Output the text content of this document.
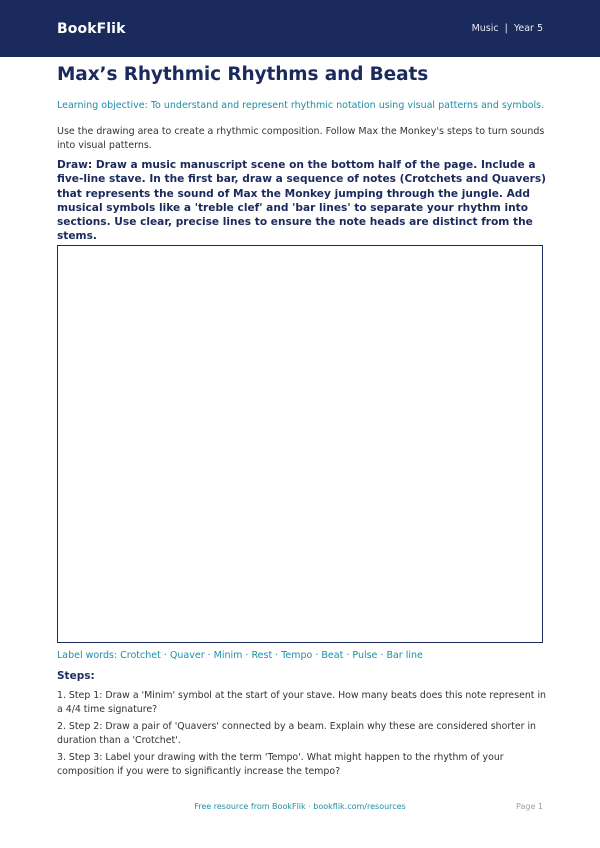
BookFlik	Music | Year 5
Max’s Rhythmic Rhythms and Beats

Learning objective: To understand and represent rhythmic notation using visual patterns and symbols.

Use the drawing area to create a rhythmic composition. Follow Max the Monkey's steps to turn sounds into visual patterns.

Draw: Draw a music manuscript scene on the bottom half of the page. Include a five-line stave. In the first bar, draw a sequence of notes (Crotchets and Quavers) that represents the sound of Max the Monkey jumping through the jungle. Add musical symbols like a 'treble clef' and 'bar lines' to separate your rhythm into sections. Use clear, precise lines to ensure the note heads are distinct from the stems.

Label words: Crotchet · Quaver · Minim · Rest · Tempo · Beat · Pulse · Bar line

Steps:
1. Step 1: Draw a 'Minim' symbol at the start of your stave. How many beats does this note represent in a 4/4 time signature?
2. Step 2: Draw a pair of 'Quavers' connected by a beam. Explain why these are considered shorter in duration than a 'Crotchet'.
3. Step 3: Label your drawing with the term 'Tempo'. What might happen to the rhythm of your composition if you were to significantly increase the tempo?
Free resource from BookFlik · bookflik.com/resources	Page 1
